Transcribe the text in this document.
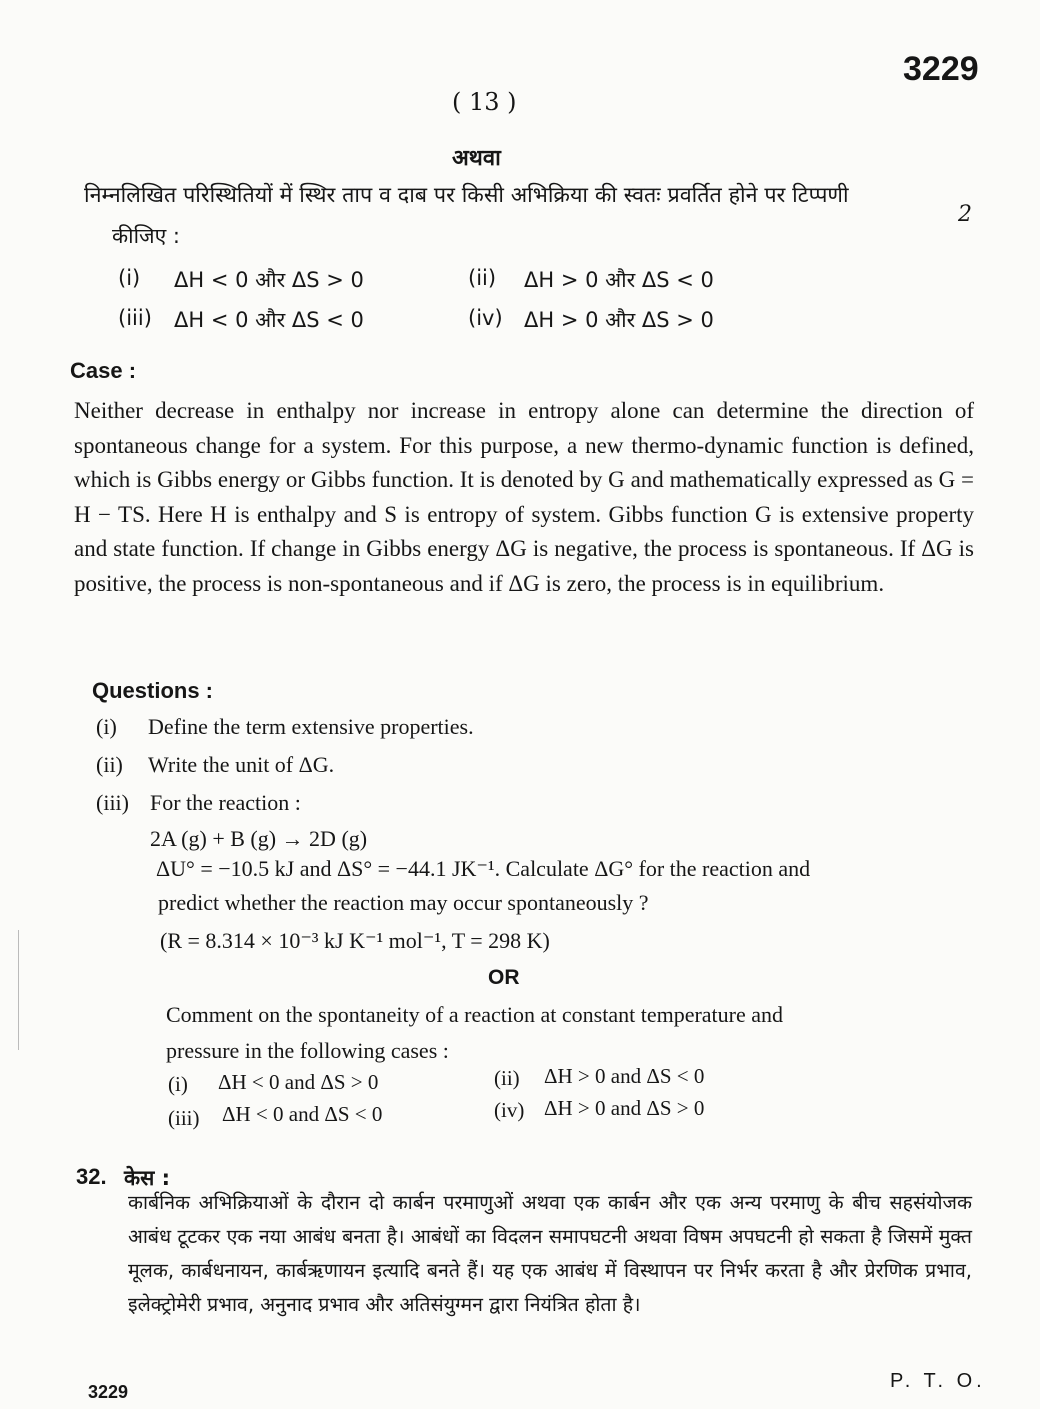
3229
( 13 )
अथवा
निम्नलिखित परिस्थितियों में स्थिर ताप व दाब पर किसी अभिक्रिया की स्वतः प्रवर्तित होने पर टिप्पणी
2
कीजिए :
(i) ΔH < 0 और ΔS > 0	(ii) ΔH > 0 और ΔS < 0
(iii) ΔH < 0 और ΔS < 0	(iv) ΔH > 0 और ΔS > 0
Case :
Neither decrease in enthalpy nor increase in entropy alone can determine the direction of spontaneous change for a system. For this purpose, a new thermo-dynamic function is defined, which is Gibbs energy or Gibbs function. It is denoted by G and mathematically expressed as G = H − TS. Here H is enthalpy and S is entropy of system. Gibbs function G is extensive property and state function. If change in Gibbs energy ΔG is negative, the process is spontaneous. If ΔG is positive, the process is non-spontaneous and if ΔG is zero, the process is in equilibrium.
Questions :
(i) Define the term extensive properties.
(ii) Write the unit of ΔG.
(iii) For the reaction :
2A (g) + B (g) → 2D (g)
ΔU° = −10.5 kJ and ΔS° = −44.1 JK⁻¹. Calculate ΔG° for the reaction and
predict whether the reaction may occur spontaneously ?
(R = 8.314 × 10⁻³ kJ K⁻¹ mol⁻¹, T = 298 K)
OR
Comment on the spontaneity of a reaction at constant temperature and
pressure in the following cases :
(i) ΔH < 0 and ΔS > 0	(ii) ΔH > 0 and ΔS < 0
(iii) ΔH < 0 and ΔS < 0	(iv) ΔH > 0 and ΔS > 0
32. केस :
कार्बनिक अभिक्रियाओं के दौरान दो कार्बन परमाणुओं अथवा एक कार्बन और एक अन्य परमाणु के बीच सहसंयोजक आबंध टूटकर एक नया आबंध बनता है। आबंधों का विदलन समापघटनी अथवा विषम अपघटनी हो सकता है जिसमें मुक्त मूलक, कार्बधनायन, कार्बऋणायन इत्यादि बनते हैं। यह एक आबंध में विस्थापन पर निर्भर करता है और प्रेरणिक प्रभाव, इलेक्ट्रोमेरी प्रभाव, अनुनाद प्रभाव और अतिसंयुग्मन द्वारा नियंत्रित होता है।
3229	P. T. O.
